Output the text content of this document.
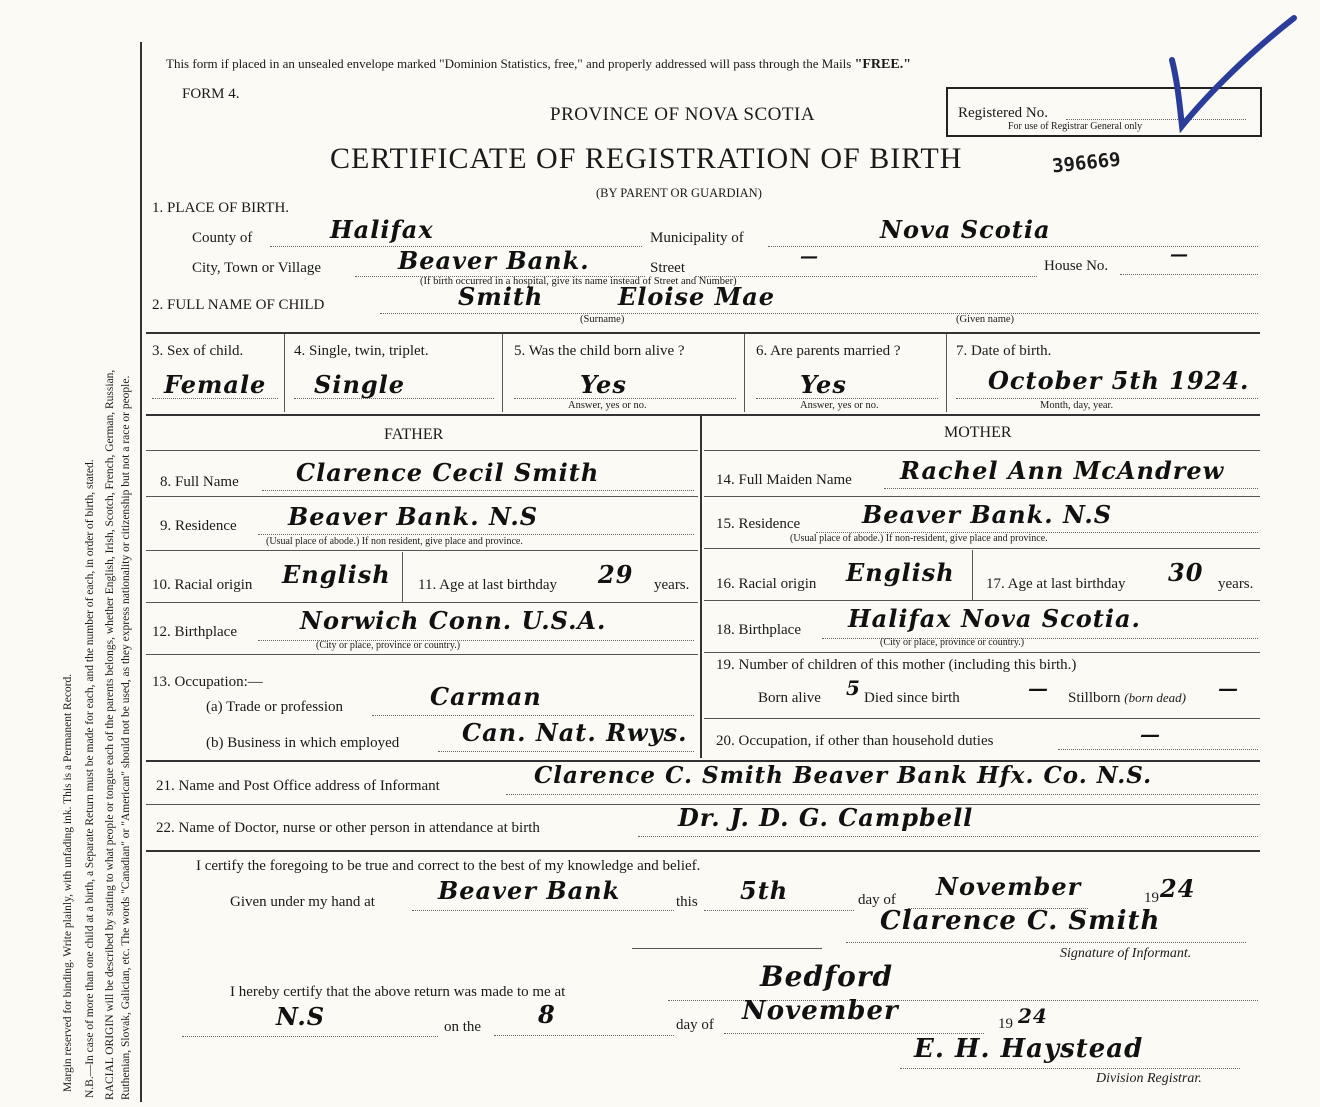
Margin reserved for binding. Write plainly, with unfading ink. This is a Permanent Record. N.B.—In case of more than one child at a birth, a Separate Return must be made for each, and the number of each, in order of birth, stated. RACIAL ORIGIN will be described by stating to what people or tongue each of the parents belongs, whether English, Irish, Scotch, French, German, Russian, Ruthenian, Slovak, Galician, etc. The words "Canadian" or "American" should not be used, as they express nationality or citizenship but not a race or people.
This form if placed in an unsealed envelope marked "Dominion Statistics, free," and properly addressed will pass through the Mails "FREE."
FORM 4.
PROVINCE OF NOVA SCOTIA
CERTIFICATE OF REGISTRATION OF BIRTH
(BY PARENT OR GUARDIAN)
Registered No.
For use of Registrar General only
396669
1. PLACE OF BIRTH.
County of	Halifax	Municipality of	Nova Scotia
City, Town or Village	Beaver Bank.	Street
—	House No.
—
(If birth occurred in a hospital, give its name instead of Street and Number)
2. FULL NAME OF CHILD	Smith	Eloise Mae
(Surname)	(Given name)
3. Sex of child.
Female
4. Single, twin, triplet.
Single
5. Was the child born alive ?
Yes
Answer, yes or no.
6. Are parents married ?
Yes
Answer, yes or no.
7. Date of birth.
October 5th 1924.
Month, day, year.
FATHER
8. Full Name Clarence Cecil Smith
9. Residence Beaver Bank. N.S
(Usual place of abode.) If non resident, give place and province.
10. Racial origin English 11. Age at last birthday 29 years.
12. Birthplace	Norwich Conn. U.S.A.
(City or place, province or country.)
13. Occupation:—
(a) Trade or profession	Carman
(b) Business in which employed	Can. Nat. Rwys.
MOTHER
14. Full Maiden Name Rachel Ann McAndrew
15. Residence	Beaver Bank. N.S
(Usual place of abode.) If non-resident, give place and province.
16. Racial origin English 17. Age at last birthday 30 years.
18. Birthplace Halifax Nova Scotia.
(City or place, province or country.)
19. Number of children of this mother (including this birth.)
Born alive 5 Died since birth	— Stillborn (born dead) —
20. Occupation, if other than household duties	—
21. Name and Post Office address of Informant	Clarence C. Smith Beaver Bank Hfx. Co. N.S.
22. Name of Doctor, nurse or other person in attendance at birth	Dr. J. D. G. Campbell
I certify the foregoing to be true and correct to the best of my knowledge and belief.
Given under my hand at	Beaver Bank	this 5th	day of November	19 24
Clarence C. Smith
Signature of Informant.
I hereby certify that the above return was made to me at	Bedford
N.S	on the 8	day of November	19 24
E. H. Haystead
Division Registrar.
